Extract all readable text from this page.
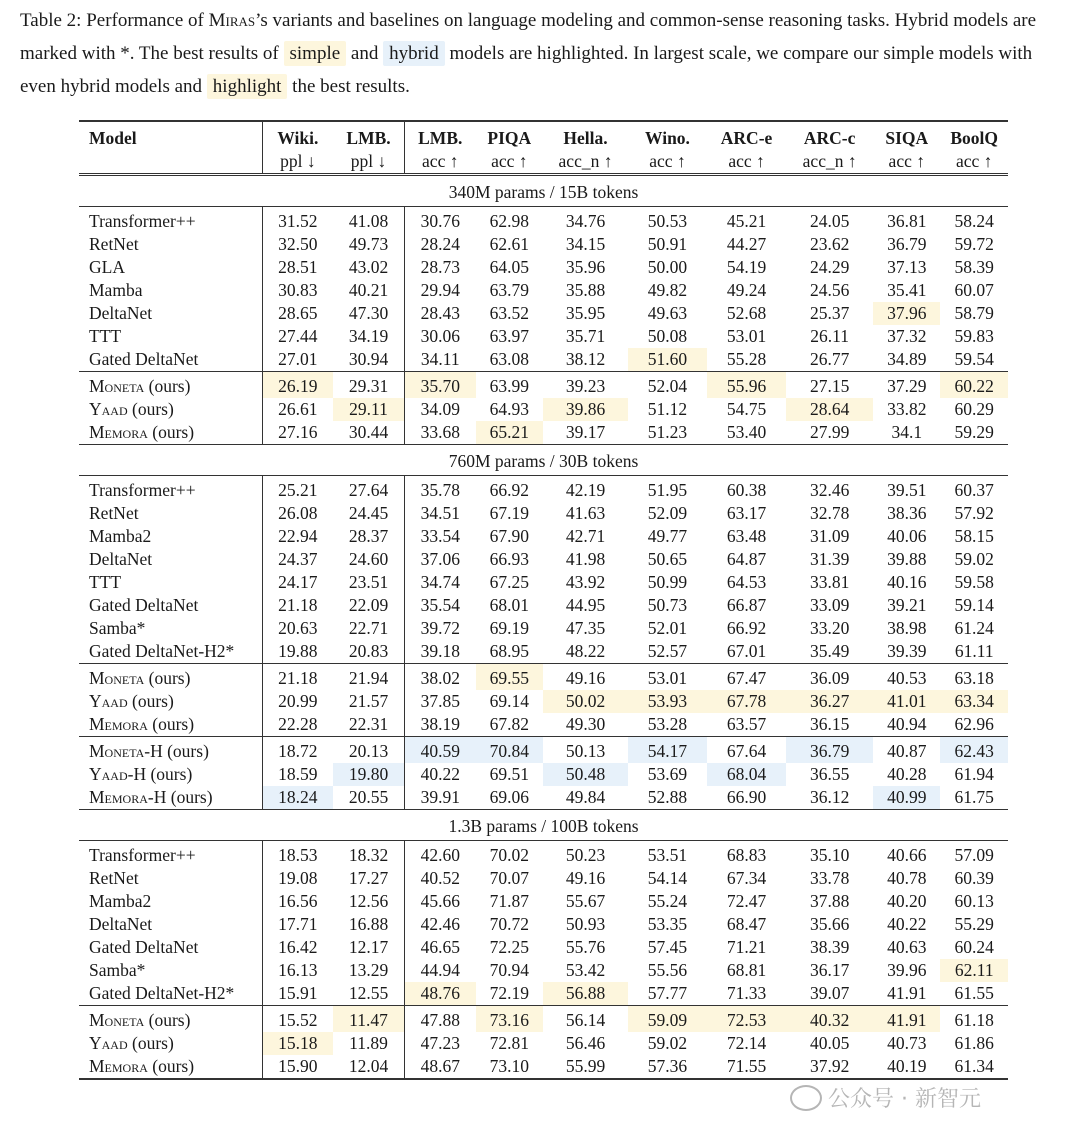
Table 2: Performance of Miras’s variants and baselines on language modeling and common-sense reasoning tasks. Hybrid models are marked with *. The best results of simple and hybrid models are highlighted. In largest scale, we compare our simple models with even hybrid models and highlight the best results.
Model	Wiki.	LMB.	LMB.	PIQA	Hella.	Wino.	ARC-e	ARC-c	SIQA	BoolQ
	ppl ↓	ppl ↓	acc ↑	acc ↑	acc_n ↑	acc ↑	acc ↑	acc_n ↑	acc ↑	acc ↑
340M params / 15B tokens										
Transformer++	31.52	41.08	30.76	62.98	34.76	50.53	45.21	24.05	36.81	58.24
RetNet	32.50	49.73	28.24	62.61	34.15	50.91	44.27	23.62	36.79	59.72
GLA	28.51	43.02	28.73	64.05	35.96	50.00	54.19	24.29	37.13	58.39
Mamba	30.83	40.21	29.94	63.79	35.88	49.82	49.24	24.56	35.41	60.07
DeltaNet	28.65	47.30	28.43	63.52	35.95	49.63	52.68	25.37	37.96	58.79
TTT	27.44	34.19	30.06	63.97	35.71	50.08	53.01	26.11	37.32	59.83
Gated DeltaNet	27.01	30.94	34.11	63.08	38.12	51.60	55.28	26.77	34.89	59.54
Moneta (ours)	26.19	29.31	35.70	63.99	39.23	52.04	55.96	27.15	37.29	60.22
Yaad (ours)	26.61	29.11	34.09	64.93	39.86	51.12	54.75	28.64	33.82	60.29
Memora (ours)	27.16	30.44	33.68	65.21	39.17	51.23	53.40	27.99	34.1	59.29
760M params / 30B tokens										
Transformer++	25.21	27.64	35.78	66.92	42.19	51.95	60.38	32.46	39.51	60.37
RetNet	26.08	24.45	34.51	67.19	41.63	52.09	63.17	32.78	38.36	57.92
Mamba2	22.94	28.37	33.54	67.90	42.71	49.77	63.48	31.09	40.06	58.15
DeltaNet	24.37	24.60	37.06	66.93	41.98	50.65	64.87	31.39	39.88	59.02
TTT	24.17	23.51	34.74	67.25	43.92	50.99	64.53	33.81	40.16	59.58
Gated DeltaNet	21.18	22.09	35.54	68.01	44.95	50.73	66.87	33.09	39.21	59.14
Samba*	20.63	22.71	39.72	69.19	47.35	52.01	66.92	33.20	38.98	61.24
Gated DeltaNet-H2*	19.88	20.83	39.18	68.95	48.22	52.57	67.01	35.49	39.39	61.11
Moneta (ours)	21.18	21.94	38.02	69.55	49.16	53.01	67.47	36.09	40.53	63.18
Yaad (ours)	20.99	21.57	37.85	69.14	50.02	53.93	67.78	36.27	41.01	63.34
Memora (ours)	22.28	22.31	38.19	67.82	49.30	53.28	63.57	36.15	40.94	62.96
Moneta-H (ours)	18.72	20.13	40.59	70.84	50.13	54.17	67.64	36.79	40.87	62.43
Yaad-H (ours)	18.59	19.80	40.22	69.51	50.48	53.69	68.04	36.55	40.28	61.94
Memora-H (ours)	18.24	20.55	39.91	69.06	49.84	52.88	66.90	36.12	40.99	61.75
1.3B params / 100B tokens										
Transformer++	18.53	18.32	42.60	70.02	50.23	53.51	68.83	35.10	40.66	57.09
RetNet	19.08	17.27	40.52	70.07	49.16	54.14	67.34	33.78	40.78	60.39
Mamba2	16.56	12.56	45.66	71.87	55.67	55.24	72.47	37.88	40.20	60.13
DeltaNet	17.71	16.88	42.46	70.72	50.93	53.35	68.47	35.66	40.22	55.29
Gated DeltaNet	16.42	12.17	46.65	72.25	55.76	57.45	71.21	38.39	40.63	60.24
Samba*	16.13	13.29	44.94	70.94	53.42	55.56	68.81	36.17	39.96	62.11
Gated DeltaNet-H2*	15.91	12.55	48.76	72.19	56.88	57.77	71.33	39.07	41.91	61.55
Moneta (ours)	15.52	11.47	47.88	73.16	56.14	59.09	72.53	40.32	41.91	61.18
Yaad (ours)	15.18	11.89	47.23	72.81	56.46	59.02	72.14	40.05	40.73	61.86
Memora (ours)	15.90	12.04	48.67	73.10	55.99	57.36	71.55	37.92	40.19	61.34
公众号 · 新智元
